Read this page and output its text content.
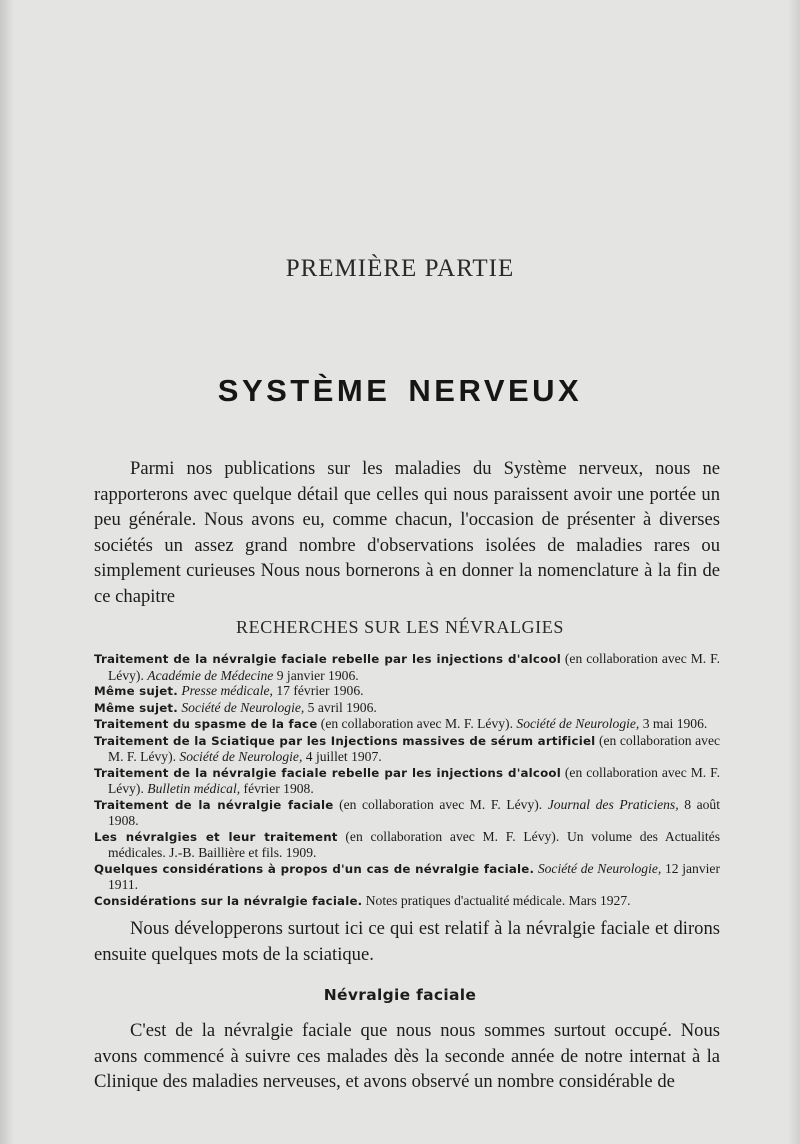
PREMIÈRE PARTIE
SYSTÈME NERVEUX

Parmi nos publications sur les maladies du Système nerveux, nous ne rapporterons avec quelque détail que celles qui nous paraissent avoir une portée un peu générale. Nous avons eu, comme chacun, l'occasion de présenter à diverses sociétés un assez grand nombre d'observations isolées de maladies rares ou simplement curieuses Nous nous bornerons à en donner la nomenclature à la fin de ce chapitre

RECHERCHES SUR LES NÉVRALGIES
Traitement de la névralgie faciale rebelle par les injections d'alcool (en collaboration avec M. F. Lévy). Académie de Médecine 9 janvier 1906.
Même sujet. Presse médicale, 17 février 1906.
Même sujet. Société de Neurologie, 5 avril 1906.
Traitement du spasme de la face (en collaboration avec M. F. Lévy). Société de Neurologie, 3 mai 1906.
Traitement de la Sciatique par les Injections massives de sérum artificiel (en collaboration avec M. F. Lévy). Société de Neurologie, 4 juillet 1907.
Traitement de la névralgie faciale rebelle par les injections d'alcool (en collaboration avec M. F. Lévy). Bulletin médical, février 1908.
Traitement de la névralgie faciale (en collaboration avec M. F. Lévy). Journal des Praticiens, 8 août 1908.
Les névralgies et leur traitement (en collaboration avec M. F. Lévy). Un volume des Actualités médicales. J.-B. Baillière et fils. 1909.
Quelques considérations à propos d'un cas de névralgie faciale. Société de Neurologie, 12 janvier 1911.
Considérations sur la névralgie faciale. Notes pratiques d'actualité médicale. Mars 1927.

Nous développerons surtout ici ce qui est relatif à la névralgie faciale et dirons ensuite quelques mots de la sciatique.

Névralgie faciale

C'est de la névralgie faciale que nous nous sommes surtout occupé. Nous avons commencé à suivre ces malades dès la seconde année de notre internat à la Clinique des maladies nerveuses, et avons observé un nombre considérable de
